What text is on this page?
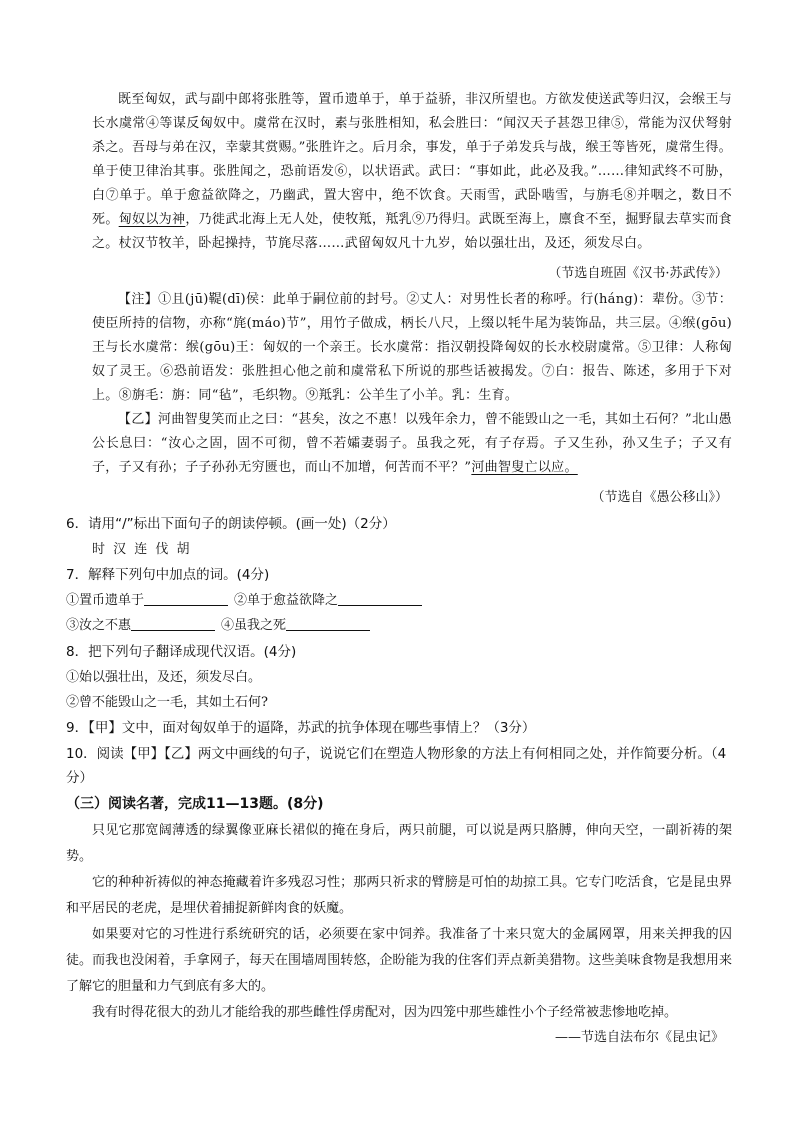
既至匈奴，武与副中郎将张胜等，置币遗单于，单于益骄，非汉所望也。方欲发使送武等归汉，会缑王与长水虞常④等谋反匈奴中。虞常在汉时，素与张胜相知，私会胜曰：“闻汉天子甚怨卫律⑤，常能为汉伏弩射杀之。吾母与弟在汉，幸蒙其赏赐。”张胜许之。后月余，事发，单于子弟发兵与战，缑王等皆死，虞常生得。单于使卫律治其事。张胜闻之，恐前语发⑥，以状语武。武曰：“事如此，此必及我。”……律知武终不可胁，白⑦单于。单于愈益欲降之，乃幽武，置大窖中，绝不饮食。天雨雪，武卧啮雪，与旃毛⑧并咽之，数日不死。匈奴以为神，乃徙武北海上无人处，使牧羝，羝乳⑨乃得归。武既至海上，廪食不至，掘野鼠去草实而食之。杖汉节牧羊，卧起操持，节旄尽落……武留匈奴凡十九岁，始以强壮出，及还，须发尽白。

（节选自班固《汉书·苏武传》）

【注】①且(jū)鞮(dī)侯：此单于嗣位前的封号。②丈人：对男性长者的称呼。行(háng)：辈份。③节：使臣所持的信物，亦称“旄(máo)节”，用竹子做成，柄长八尺，上缀以牦牛尾为装饰品，共三层。④缑(gōu)王与长水虞常：缑(gōu)王：匈奴的一个亲王。长水虞常：指汉朝投降匈奴的长水校尉虞常。⑤卫律：人称匈奴了灵王。⑥恐前语发：张胜担心他之前和虞常私下所说的那些话被揭发。⑦白：报告、陈述，多用于下对上。⑧旃毛：旃：同“毡”，毛织物。⑨羝乳：公羊生了小羊。乳：生育。

【乙】河曲智叟笑而止之曰：“甚矣，汝之不惠！以残年余力，曾不能毁山之一毛，其如土石何？”北山愚公长息曰：“汝心之固，固不可彻，曾不若孀妻弱子。虽我之死，有子存焉。子又生孙，孙又生子；子又有子，子又有孙；子子孙孙无穷匮也，而山不加增，何苦而不平？”河曲智叟亡以应。

（节选自《愚公移山》）

6．请用“/”标出下面句子的朗读停顿。(画一处)（2分）

时 汉 连 伐 胡

7．解释下列句中加点的词。(4分)

①置币遗单于	②单于愈益欲降之

③汝之不惠	④虽我之死

8．把下列句子翻译成现代汉语。(4分)

①始以强壮出，及还，须发尽白。

②曾不能毁山之一毛，其如土石何?

9．【甲】文中，面对匈奴单于的逼降，苏武的抗争体现在哪些事情上？（3分）

10．阅读【甲】【乙】两文中画线的句子，说说它们在塑造人物形象的方法上有何相同之处，并作简要分析。（4分）

（三）阅读名著，完成11—13题。(8分)

只见它那宽阔薄透的绿翼像亚麻长裙似的掩在身后，两只前腿，可以说是两只胳膊，伸向天空，一副祈祷的架势。

它的种种祈祷似的神态掩藏着许多残忍习性；那两只祈求的臂膀是可怕的劫掠工具。它专门吃活食，它是昆虫界和平居民的老虎，是埋伏着捕捉新鲜肉食的妖魔。

如果要对它的习性进行系统研究的话，必须要在家中饲养。我准备了十来只宽大的金属网罩，用来关押我的囚徒。而我也没闲着，手拿网子，每天在围墙周围转悠，企盼能为我的住客们弄点新美猎物。这些美味食物是我想用来了解它的胆量和力气到底有多大的。

我有时得花很大的劲儿才能给我的那些雌性俘虏配对，因为四笼中那些雄性小个子经常被悲惨地吃掉。

——节选自法布尔《昆虫记》
